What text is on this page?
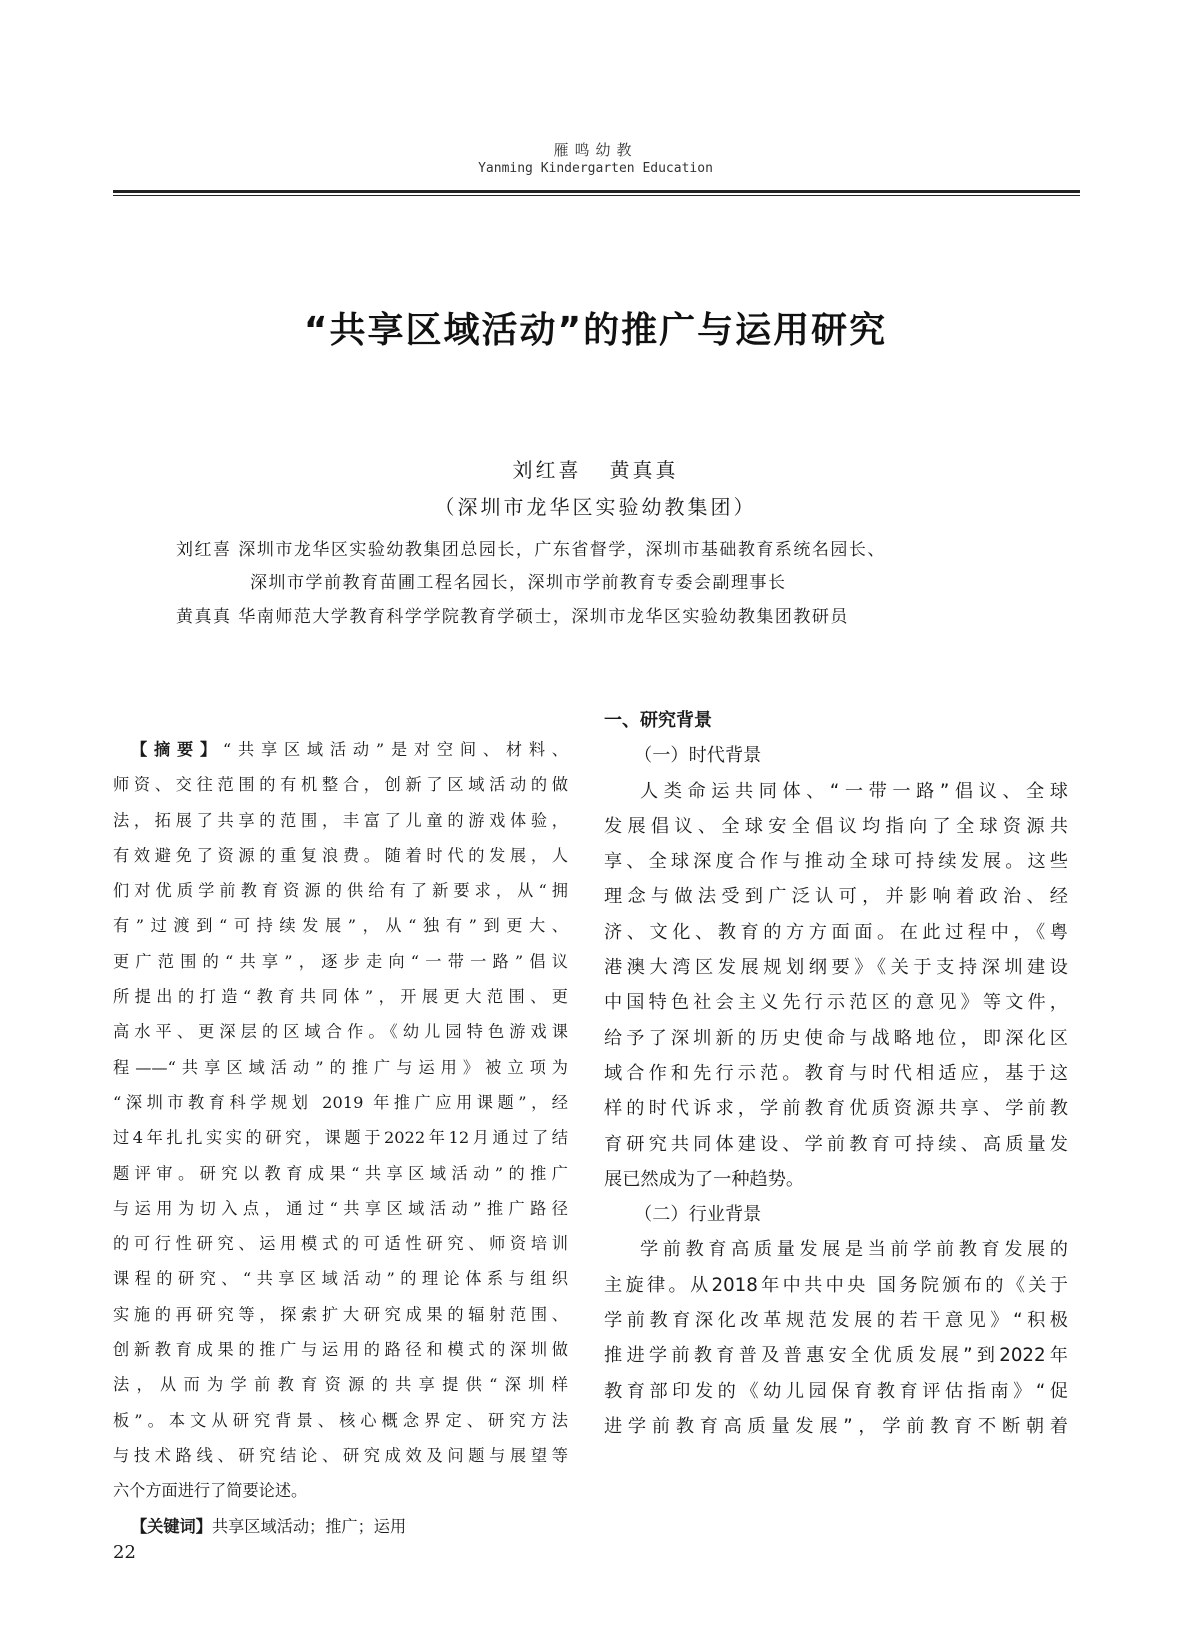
雁鸣幼教
Yanming Kindergarten Education
“共享区域活动”的推广与运用研究
刘红喜 黄真真
（深圳市龙华区实验幼教集团）
刘红喜 深圳市龙华区实验幼教集团总园长，广东省督学，深圳市基础教育系统名园长、
深圳市学前教育苗圃工程名园长，深圳市学前教育专委会副理事长
黄真真 华南师范大学教育科学学院教育学硕士，深圳市龙华区实验幼教集团教研员
【摘要】“共享区域活动”是对空间、材料、
师资、交往范围的有机整合，创新了区域活动的做
法，拓展了共享的范围，丰富了儿童的游戏体验，
有效避免了资源的重复浪费。随着时代的发展，人
们对优质学前教育资源的供给有了新要求，从“拥
有”过渡到“可持续发展”，从“独有”到更大、
更广范围的“共享”，逐步走向“一带一路”倡议
所提出的打造“教育共同体”，开展更大范围、更
高水平、更深层的区域合作。《幼儿园特色游戏课
程——“共享区域活动”的推广与运用》被立项为
“深圳市教育科学规划 2019 年推广应用课题”，经
过4年扎扎实实的研究，课题于2022年12月通过了结
题评审。研究以教育成果“共享区域活动”的推广
与运用为切入点，通过“共享区域活动”推广路径
的可行性研究、运用模式的可适性研究、师资培训
课程的研究、“共享区域活动”的理论体系与组织
实施的再研究等，探索扩大研究成果的辐射范围、
创新教育成果的推广与运用的路径和模式的深圳做
法，从而为学前教育资源的共享提供“深圳样
板”。本文从研究背景、核心概念界定、研究方法
与技术路线、研究结论、研究成效及问题与展望等
六个方面进行了简要论述。
【关键词】共享区域活动；推广；运用
一、研究背景
（一）时代背景
人类命运共同体、“一带一路”倡议、全球
发展倡议、全球安全倡议均指向了全球资源共
享、全球深度合作与推动全球可持续发展。这些
理念与做法受到广泛认可，并影响着政治、经
济、文化、教育的方方面面。在此过程中，《粤
港澳大湾区发展规划纲要》《关于支持深圳建设
中国特色社会主义先行示范区的意见》等文件，
给予了深圳新的历史使命与战略地位，即深化区
域合作和先行示范。教育与时代相适应，基于这
样的时代诉求，学前教育优质资源共享、学前教
育研究共同体建设、学前教育可持续、高质量发
展已然成为了一种趋势。
（二）行业背景
学前教育高质量发展是当前学前教育发展的
主旋律。从2018年中共中央 国务院颁布的《关于
学前教育深化改革规范发展的若干意见》“积极
推进学前教育普及普惠安全优质发展”到2022年
教育部印发的《幼儿园保育教育评估指南》“促
进学前教育高质量发展”，学前教育不断朝着
22
